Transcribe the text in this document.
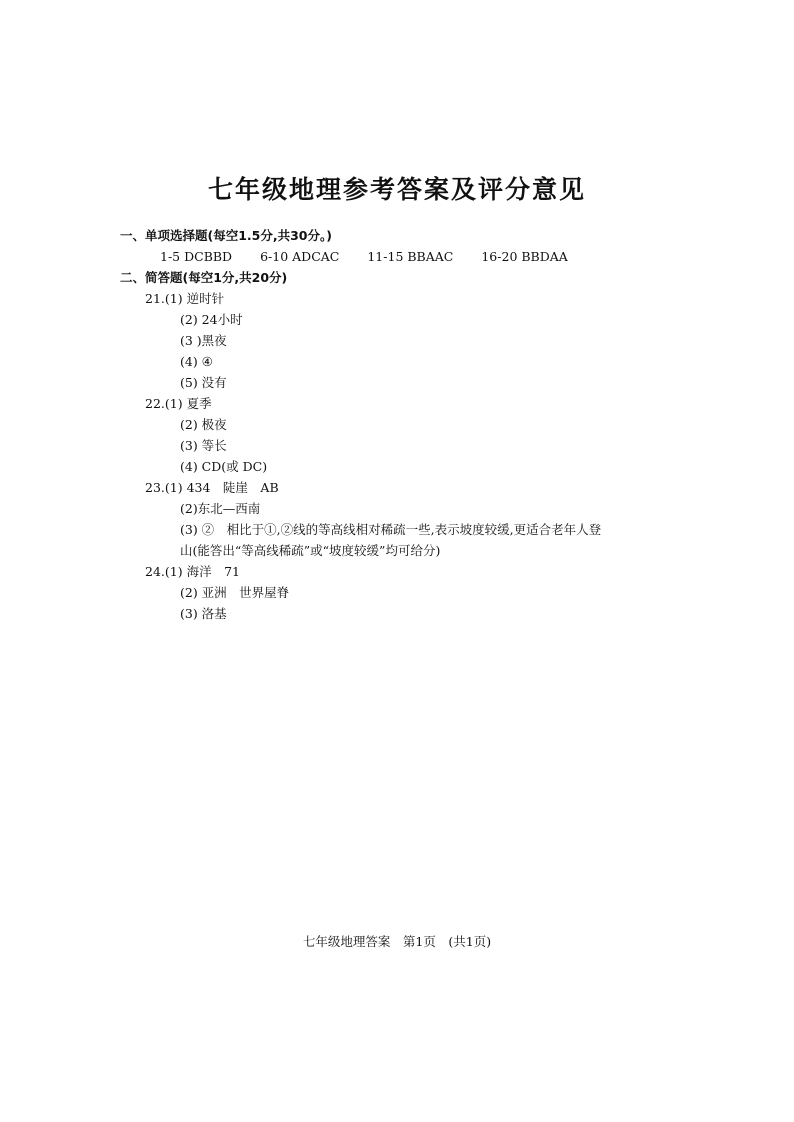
七年级地理参考答案及评分意见
一、单项选择题(每空1.5分,共30分。)
1-5 DCBBD 6-10 ADCAC 11-15 BBAAC 16-20 BBDAA
二、简答题(每空1分,共20分)
21.(1) 逆时针
(2) 24小时
(3 )黑夜
(4) ④
(5) 没有
22.(1) 夏季
(2) 极夜
(3) 等长
(4) CD(或 DC)
23.(1) 434　陡崖　AB
(2)东北—西南
(3) ②　相比于①,②线的等高线相对稀疏一些,表示坡度较缓,更适合老年人登
山(能答出“等高线稀疏”或“坡度较缓”均可给分)
24.(1) 海洋　71
(2) 亚洲　世界屋脊
(3) 洛基
七年级地理答案　第1页　(共1页)
